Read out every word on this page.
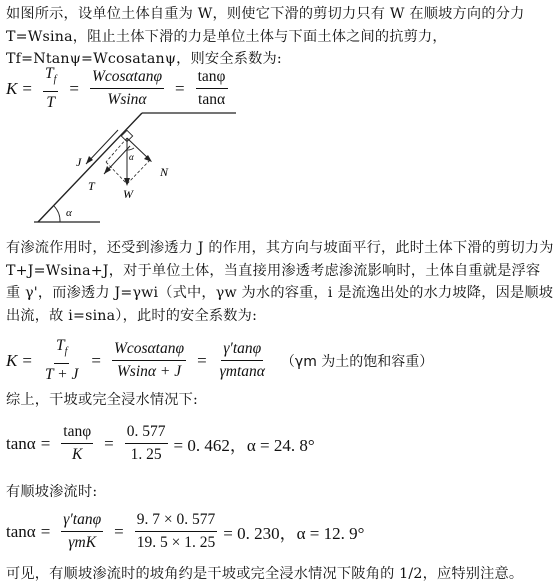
如图所示，设单位土体自重为 W，则使它下滑的剪切力只有 W 在顺坡方向的分力 T=Wsina，阻止土体下滑的力是单位土体与下面土体之间的抗剪力，Tf=Ntanψ=Wcosatanψ，则安全系数为:

$K = \frac{T_f}{T} = \frac{Wcos\alpha\tan\varphi}{Wsin\alpha} = \frac{\tan\varphi}{\tan\alpha}$
α
J
T
W
N
α

有渗流作用时，还受到渗透力 J 的作用，其方向与坡面平行，此时土体下滑的剪切力为 T+J=Wsina+J，对于单位土体，当直接用渗透考虑渗流影响时，土体自重就是浮容重 γ'，而渗透力 J=γwi（式中，γw 为水的容重，i 是流逸出处的水力坡降，因是顺坡出流，故 i=sina），此时的安全系数为:

$K = \frac{T_f}{T + J} = \frac{Wcos\alpha\tan\varphi}{Wsin\alpha + J} = \frac{\gamma'\tan\varphi}{\gamma mtan\alpha} (\gamma m$ 为土的饱和容重）

综上，干坡或完全浸水情况下:

$\tan\alpha = \frac{\tan\varphi}{K} = \frac{0. 577}{1. 25} = 0$. 462，α = 24. 8°

有顺坡渗流时:

$\tan\alpha = \frac{\gamma'\tan\varphi}{\text{γmK}} = \frac{9. 7 \times 0. 577}{19. 5 \times 1. 25} = 0$. 230，α = 12. 9°

可见，有顺坡渗流时的坡角约是干坡或完全浸水情况下陂角的 1/2，应特别注意。
